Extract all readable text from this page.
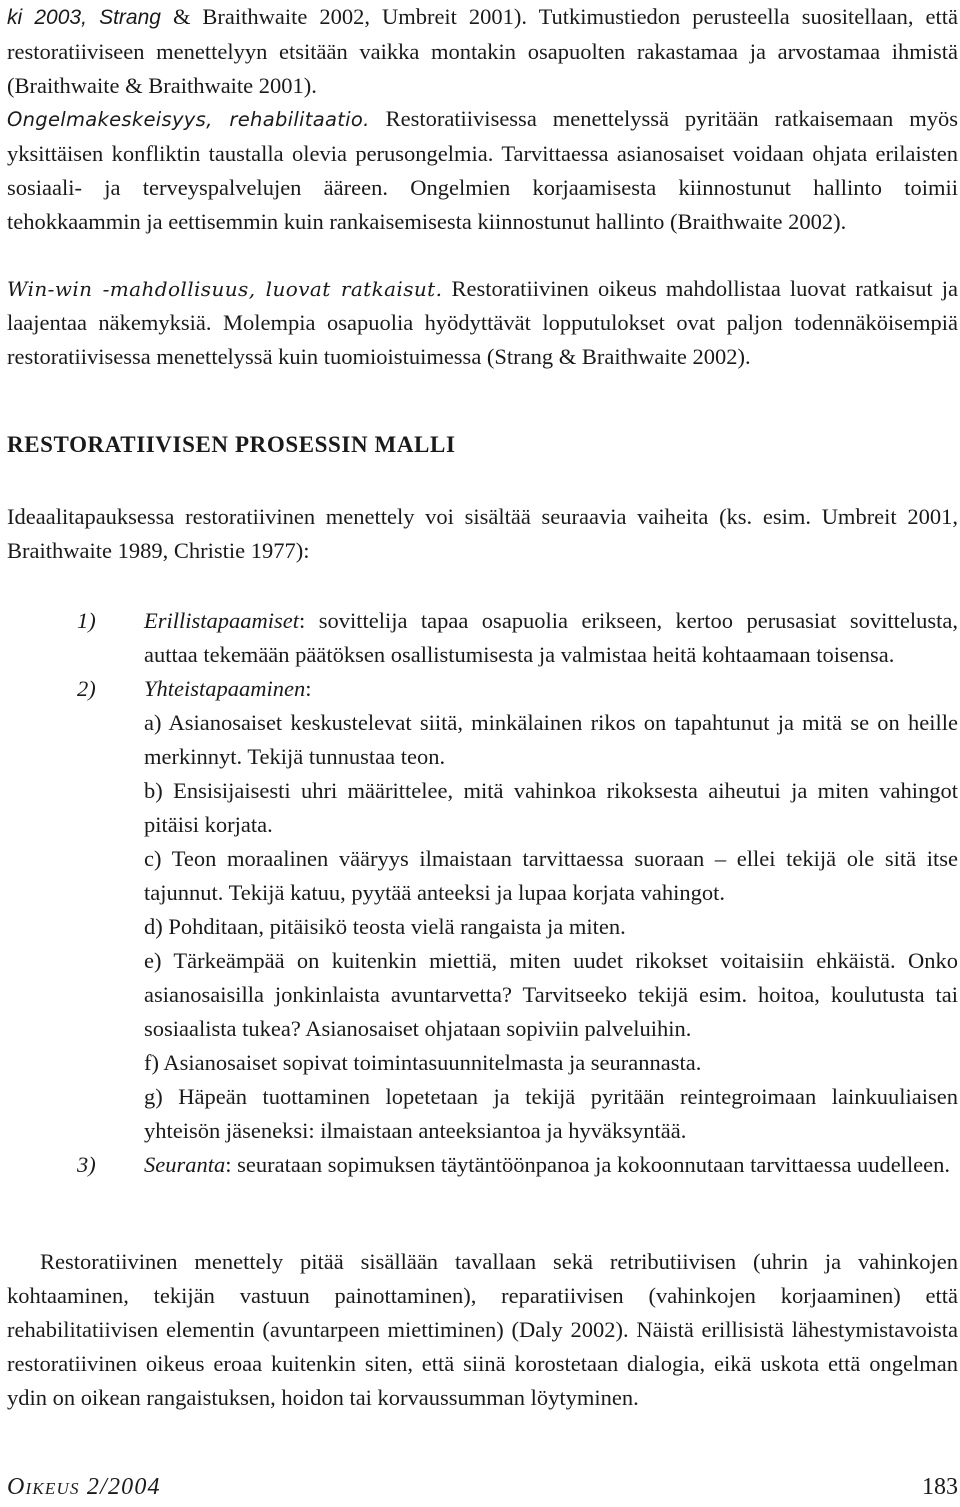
ki 2003, Strang & Braithwaite 2002, Umbreit 2001). Tutkimustiedon perusteella suositellaan, että restoratiiviseen menettelyyn etsitään vaikka montakin osapuolten rakastamaa ja arvostamaa ihmistä (Braithwaite & Braithwaite 2001).

Ongelmakeskeisyys, rehabilitaatio. Restoratiivisessa menettelyssä pyritään ratkaisemaan myös yksittäisen konfliktin taustalla olevia perusongelmia. Tarvittaessa asianosaiset voidaan ohjata erilaisten sosiaali- ja terveyspalvelujen ääreen. Ongelmien korjaamisesta kiinnostunut hallinto toimii tehokkaammin ja eettisemmin kuin rankaisemisesta kiinnostunut hallinto (Braithwaite 2002).

Win-win -mahdollisuus, luovat ratkaisut. Restoratiivinen oikeus mahdollistaa luovat ratkaisut ja laajentaa näkemyksiä. Molempia osapuolia hyödyttävät lopputulokset ovat paljon todennäköisempiä restoratiivisessa menettelyssä kuin tuomioistuimessa (Strang & Braithwaite 2002).

RESTORATIIVISEN PROSESSIN MALLI

Ideaalitapauksessa restoratiivinen menettely voi sisältää seuraavia vaiheita (ks. esim. Umbreit 2001, Braithwaite 1989, Christie 1977):

1) Erillistapaamiset: sovittelija tapaa osapuolia erikseen, kertoo perusasiat sovittelusta, auttaa tekemään päätöksen osallistumisesta ja valmistaa heitä kohtaamaan toisensa.

2) Yhteistapaaminen:

a) Asianosaiset keskustelevat siitä, minkälainen rikos on tapahtunut ja mitä se on heille merkinnyt. Tekijä tunnustaa teon.

b) Ensisijaisesti uhri määrittelee, mitä vahinkoa rikoksesta aiheutui ja miten vahingot pitäisi korjata.

c) Teon moraalinen vääryys ilmaistaan tarvittaessa suoraan – ellei tekijä ole sitä itse tajunnut. Tekijä katuu, pyytää anteeksi ja lupaa korjata vahingot.

d) Pohditaan, pitäisikö teosta vielä rangaista ja miten.

e) Tärkeämpää on kuitenkin miettiä, miten uudet rikokset voitaisiin ehkäistä. Onko asianosaisilla jonkinlaista avuntarvetta? Tarvitseeko tekijä esim. hoitoa, koulutusta tai sosiaalista tukea? Asianosaiset ohjataan sopiviin palveluihin.

f) Asianosaiset sopivat toimintasuunnitelmasta ja seurannasta.

g) Häpeän tuottaminen lopetetaan ja tekijä pyritään reintegroimaan lainkuuliaisen yhteisön jäseneksi: ilmaistaan anteeksiantoa ja hyväksyntää.

3) Seuranta: seurataan sopimuksen täytäntöönpanoa ja kokoonnutaan tarvittaessa uudelleen.

Restoratiivinen menettely pitää sisällään tavallaan sekä retributiivisen (uhrin ja vahinkojen kohtaaminen, tekijän vastuun painottaminen), reparatiivisen (vahinkojen korjaaminen) että rehabilitatiivisen elementin (avuntarpeen miettiminen) (Daly 2002). Näistä erillisistä lähestymistavoista restoratiivinen oikeus eroaa kuitenkin siten, että siinä korostetaan dialogia, eikä uskota että ongelman ydin on oikean rangaistuksen, hoidon tai korvaussumman löytyminen.

Oikeus 2/2004	183
